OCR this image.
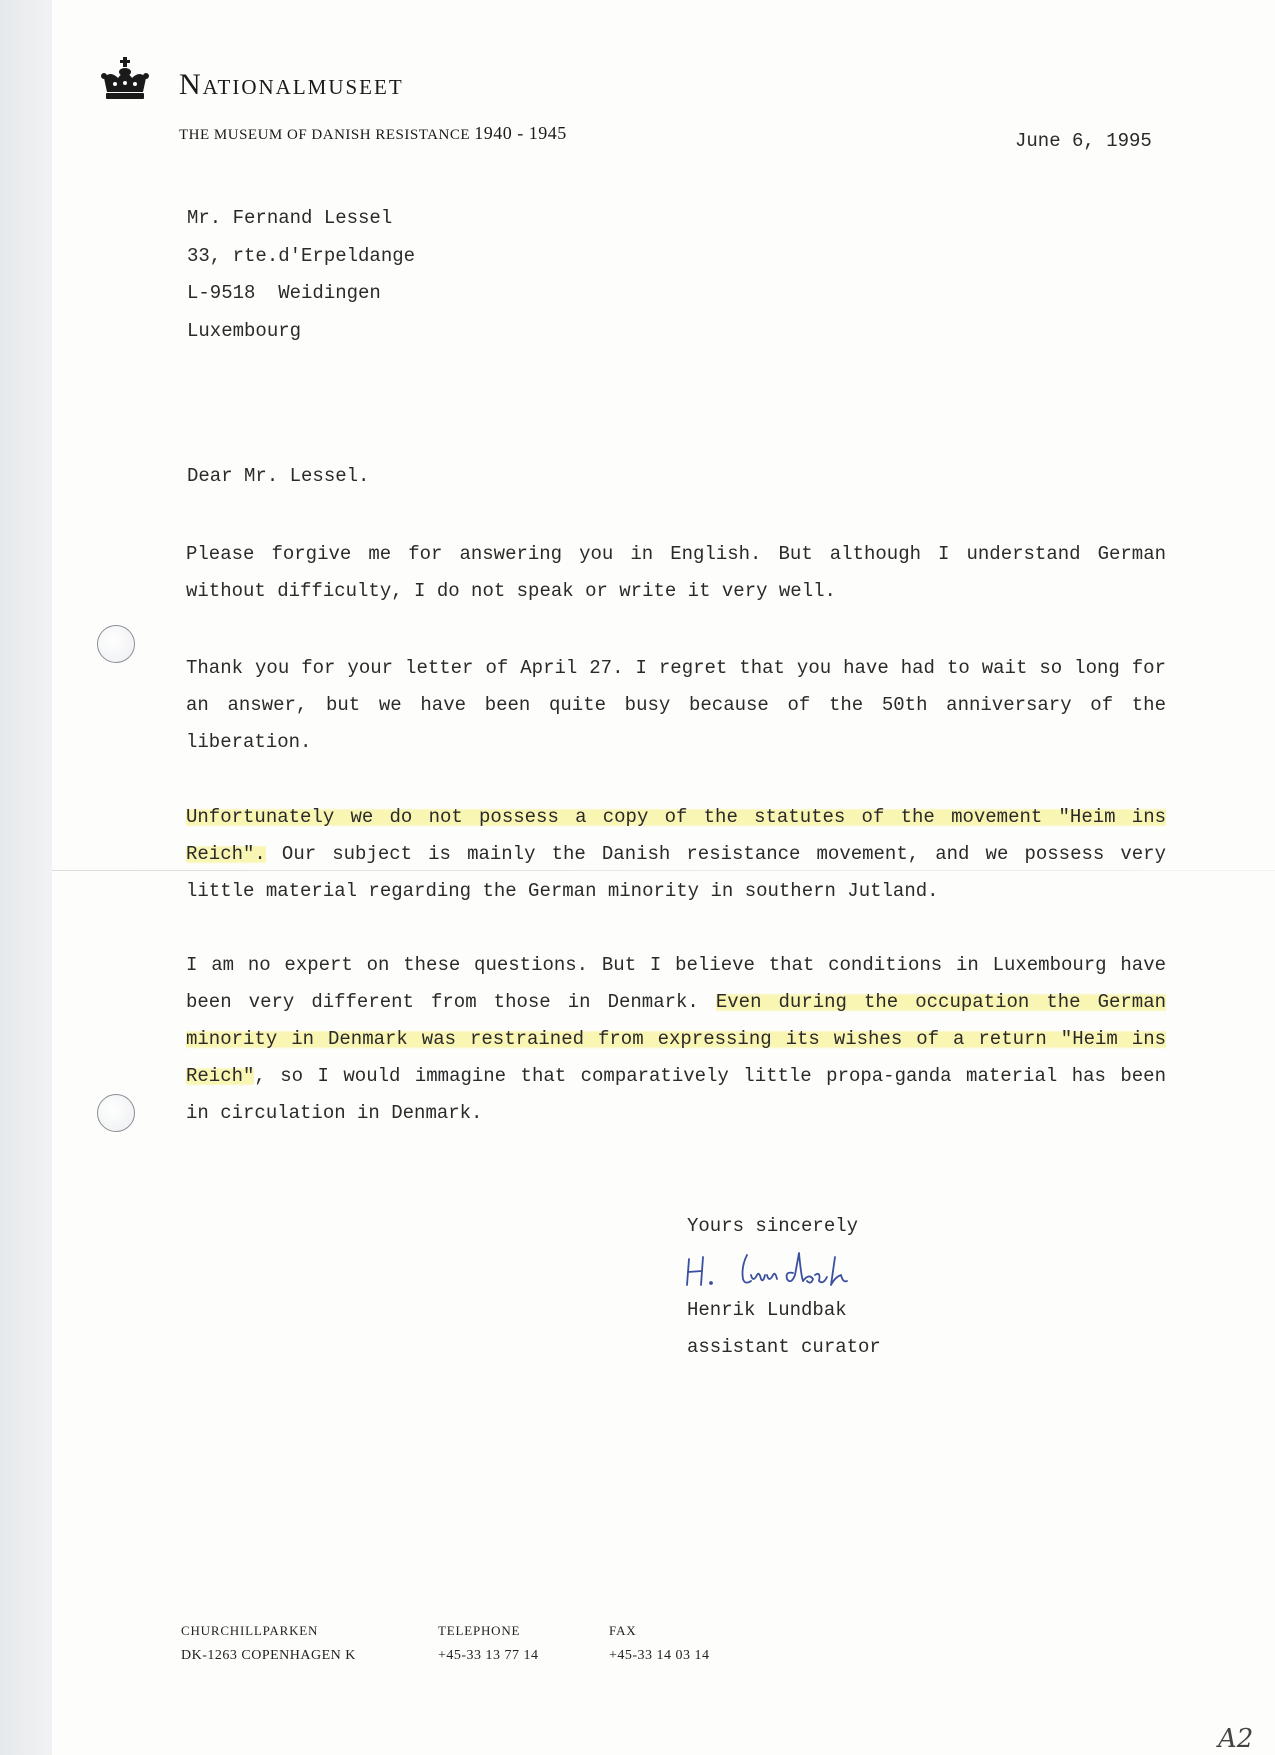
Nationalmuseet
THE MUSEUM OF DANISH RESISTANCE 1940 - 1945	June 6, 1995
Mr. Fernand Lessel
33, rte.d'Erpeldange
L-9518  Weidingen
Luxembourg
Dear Mr. Lessel.

Please forgive me for answering you in English. But although I understand German without difficulty, I do not speak or write it very well.

Thank you for your letter of April 27. I regret that you have had to wait so long for an answer, but we have been quite busy because of the 50th anniversary of the liberation.

Unfortunately we do not possess a copy of the statutes of the movement "Heim ins Reich". Our subject is mainly the Danish resistance movement, and we possess very little material regarding the German minority in southern Jutland.

I am no expert on these questions. But I believe that conditions in Luxembourg have been very different from those in Denmark. Even during the occupation the German minority in Denmark was restrained from expressing its wishes of a return "Heim ins Reich", so I would immagine that comparatively little propa-ganda material has been in circulation in Denmark.

Yours sincerely
Henrik Lundbak
assistant curator
CHURCHILLPARKEN
DK-1263 COPENHAGEN K
TELEPHONE
+45-33 13 77 14
FAX
+45-33 14 03 14
A2
